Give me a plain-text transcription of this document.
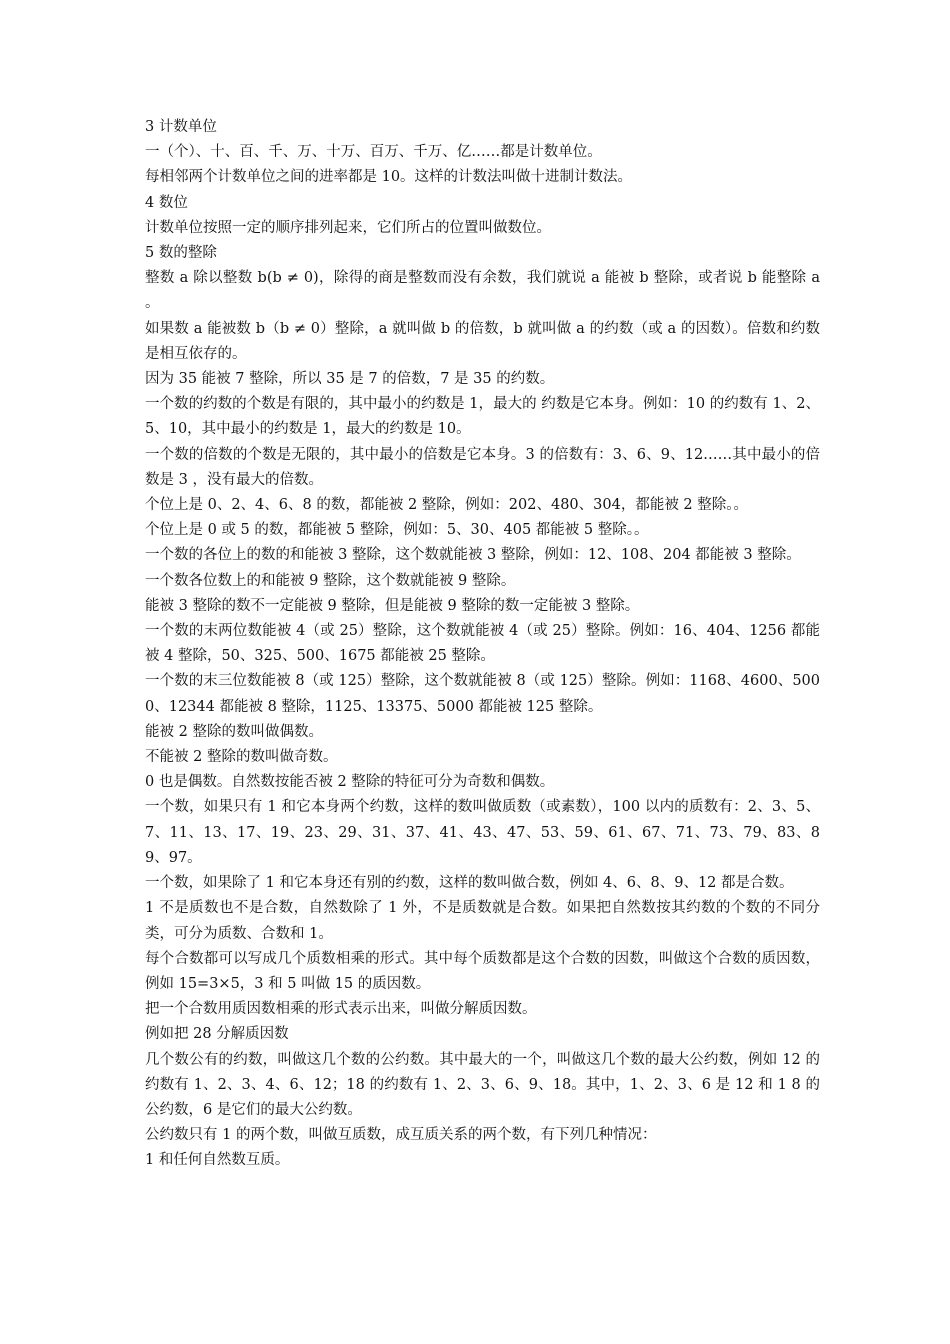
3 计数单位

一（个）、十、百、千、万、十万、百万、千万、亿……都是计数单位。

每相邻两个计数单位之间的进率都是 10。这样的计数法叫做十进制计数法。

4 数位

计数单位按照一定的顺序排列起来，它们所占的位置叫做数位。

5 数的整除

整数 a 除以整数 b(b ≠ 0)，除得的商是整数而没有余数，我们就说 a 能被 b 整除，或者说 b 能整除 a 。

如果数 a 能被数 b（b ≠ 0）整除，a 就叫做 b 的倍数，b 就叫做 a 的约数（或 a 的因数）。倍数和约数是相互依存的。

因为 35 能被 7 整除，所以 35 是 7 的倍数，7 是 35 的约数。

一个数的约数的个数是有限的，其中最小的约数是 1，最大的 约数是它本身。例如：10 的约数有 1、2、5、10，其中最小的约数是 1，最大的约数是 10。

一个数的倍数的个数是无限的，其中最小的倍数是它本身。3 的倍数有：3、6、9、12……其中最小的倍数是 3 ，没有最大的倍数。

个位上是 0、2、4、6、8 的数，都能被 2 整除，例如：202、480、304，都能被 2 整除。。

个位上是 0 或 5 的数，都能被 5 整除，例如：5、30、405 都能被 5 整除。。

一个数的各位上的数的和能被 3 整除，这个数就能被 3 整除，例如：12、108、204 都能被 3 整除。

一个数各位数上的和能被 9 整除，这个数就能被 9 整除。

能被 3 整除的数不一定能被 9 整除，但是能被 9 整除的数一定能被 3 整除。

一个数的末两位数能被 4（或 25）整除，这个数就能被 4（或 25）整除。例如：16、404、1256 都能被 4 整除，50、325、500、1675 都能被 25 整除。

一个数的末三位数能被 8（或 125）整除，这个数就能被 8（或 125）整除。例如：1168、4600、5000、12344 都能被 8 整除，1125、13375、5000 都能被 125 整除。

能被 2 整除的数叫做偶数。

不能被 2 整除的数叫做奇数。

0 也是偶数。自然数按能否被 2 整除的特征可分为奇数和偶数。

一个数，如果只有 1 和它本身两个约数，这样的数叫做质数（或素数），100 以内的质数有：2、3、5、7、11、13、17、19、23、29、31、37、41、43、47、53、59、61、67、71、73、79、83、89、97。

一个数，如果除了 1 和它本身还有别的约数，这样的数叫做合数，例如 4、6、8、9、12 都是合数。

1 不是质数也不是合数，自然数除了 1 外，不是质数就是合数。如果把自然数按其约数的个数的不同分类，可分为质数、合数和 1。

每个合数都可以写成几个质数相乘的形式。其中每个质数都是这个合数的因数，叫做这个合数的质因数，例如 15=3×5，3 和 5 叫做 15 的质因数。

把一个合数用质因数相乘的形式表示出来，叫做分解质因数。

例如把 28 分解质因数

几个数公有的约数，叫做这几个数的公约数。其中最大的一个，叫做这几个数的最大公约数，例如 12 的约数有 1、2、3、4、6、12；18 的约数有 1、2、3、6、9、18。其中，1、2、3、6 是 12 和 1 8 的公约数，6 是它们的最大公约数。

公约数只有 1 的两个数，叫做互质数，成互质关系的两个数，有下列几种情况：

1 和任何自然数互质。
